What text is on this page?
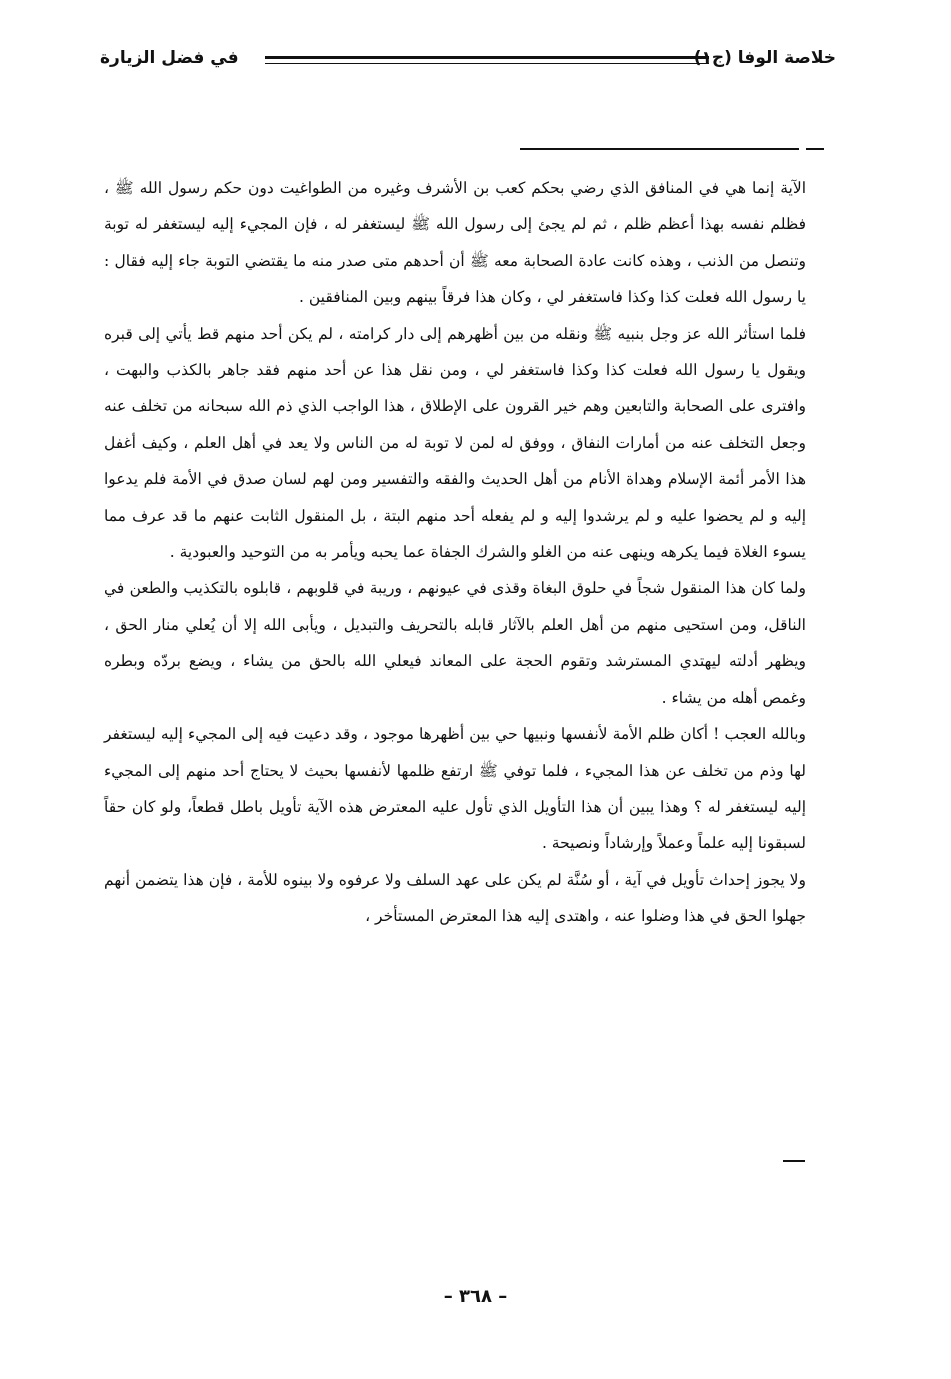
خلاصة الوفا (ج١)
في فضل الزيارة

الآية إنما هي في المنافق الذي رضي بحكم كعب بن الأشرف وغيره من الطواغيت دون حكم رسول الله ﷺ ، فظلم نفسه بهذا أعظم ظلم ، ثم لم يجئ إلى رسول الله ﷺ ليستغفر له ، فإن المجيء إليه ليستغفر له توبة وتنصل من الذنب ، وهذه كانت عادة الصحابة معه ﷺ أن أحدهم متى صدر منه ما يقتضي التوبة جاء إليه فقال : يا رسول الله فعلت كذا وكذا فاستغفر لي ، وكان هذا فرقاً بينهم وبين المنافقين .

فلما استأثر الله عز وجل بنبيه ﷺ ونقله من بين أظهرهم إلى دار كرامته ، لم يكن أحد منهم قط يأتي إلى قبره ويقول يا رسول الله فعلت كذا وكذا فاستغفر لي ، ومن نقل هذا عن أحد منهم فقد جاهر بالكذب والبهت ، وافترى على الصحابة والتابعين وهم خير القرون على الإطلاق ، هذا الواجب الذي ذم الله سبحانه من تخلف عنه وجعل التخلف عنه من أمارات النفاق ، ووفق له لمن لا توبة له من الناس ولا يعد في أهل العلم ، وكيف أغفل هذا الأمر أئمة الإسلام وهداة الأنام من أهل الحديث والفقه والتفسير ومن لهم لسان صدق في الأمة فلم يدعوا إليه و لم يحضوا عليه و لم يرشدوا إليه و لم يفعله أحد منهم البتة ، بل المنقول الثابت عنهم ما قد عرف مما يسوء الغلاة فيما يكرهه وينهى عنه من الغلو والشرك الجفاة عما يحبه ويأمر به من التوحيد والعبودية .

ولما كان هذا المنقول شجاً في حلوق البغاة وقذى في عيونهم ، وريبة في قلوبهم ، قابلوه بالتكذيب والطعن في الناقل، ومن استحيى منهم من أهل العلم بالآثار قابله بالتحريف والتبديل ، ويأبى الله إلا أن يُعلي منار الحق ، ويظهر أدلته ليهتدي المسترشد وتقوم الحجة على المعاند فيعلي الله بالحق من يشاء ، ويضع بردّه وبطره وغمص أهله من يشاء .

وبالله العجب ! أكان ظلم الأمة لأنفسها ونبيها حي بين أظهرها موجود ، وقد دعيت فيه إلى المجيء إليه ليستغفر لها وذم من تخلف عن هذا المجيء ، فلما توفي ﷺ ارتفع ظلمها لأنفسها بحيث لا يحتاج أحد منهم إلى المجيء إليه ليستغفر له ؟ وهذا يبين أن هذا التأويل الذي تأول عليه المعترض هذه الآية تأويل باطل قطعاً، ولو كان حقاً لسبقونا إليه علماً وعملاً وإرشاداً ونصيحة .

ولا يجوز إحداث تأويل في آية ، أو سُنَّة لم يكن على عهد السلف ولا عرفوه ولا بينوه للأمة ، فإن هذا يتضمن أنهم جهلوا الحق في هذا وضلوا عنه ، واهتدى إليه هذا المعترض المستأخر ،

– ٣٦٨ –
